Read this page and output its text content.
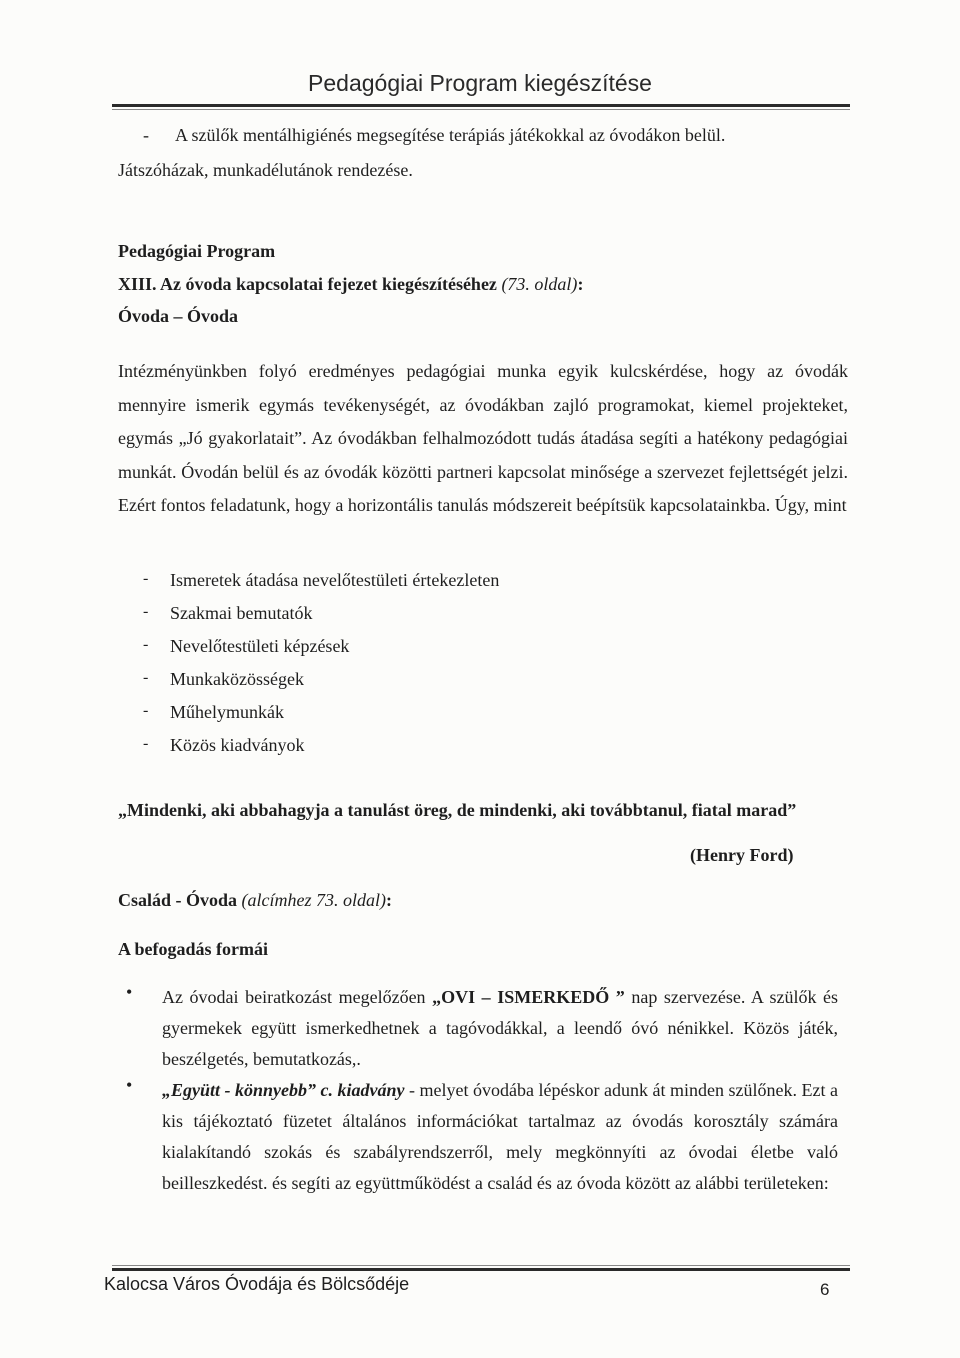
Pedagógiai Program kiegészítése
- A szülők mentálhigiénés megsegítése terápiás játékokkal az óvodákon belül.
Játszóházak, munkadélutánok rendezése.
Pedagógiai Program
XIII. Az óvoda kapcsolatai fejezet kiegészítéséhez (73. oldal):
Óvoda – Óvoda

Intézményünkben folyó eredményes pedagógiai munka egyik kulcskérdése, hogy az óvodák mennyire ismerik egymás tevékenységét, az óvodákban zajló programokat, kiemel projekteket, egymás „Jó gyakorlatait”. Az óvodákban felhalmozódott tudás átadása segíti a hatékony pedagógiai munkát. Óvodán belül és az óvodák közötti partneri kapcsolat minősége a szervezet fejlettségét jelzi. Ezért fontos feladatunk, hogy a horizontális tanulás módszereit beépítsük kapcsolatainkba. Úgy, mint

- Ismeretek átadása nevelőtestületi értekezleten
- Szakmai bemutatók
- Nevelőtestületi képzések
- Munkaközösségek
- Műhelymunkák
- Közös kiadványok
„Mindenki, aki abbahagyja a tanulást öreg, de mindenki, aki továbbtanul, fiatal marad”
(Henry Ford)
Család - Óvoda (alcímhez 73. oldal):
A befogadás formái
• Az óvodai beiratkozást megelőzően „OVI – ISMERKEDŐ ” nap szervezése. A szülők és gyermekek együtt ismerkedhetnek a tagóvodákkal, a leendő óvó nénikkel. Közös játék, beszélgetés, bemutatkozás,.
• „Együtt - könnyebb” c. kiadvány - melyet óvodába lépéskor adunk át minden szülőnek. Ezt a kis tájékoztató füzetet általános információkat tartalmaz az óvodás korosztály számára kialakítandó szokás és szabályrendszerről, mely megkönnyíti az óvodai életbe való beilleszkedést. és segíti az együttműködést a család és az óvoda között az alábbi területeken:
Kalocsa Város Óvodája és Bölcsődéje	6
